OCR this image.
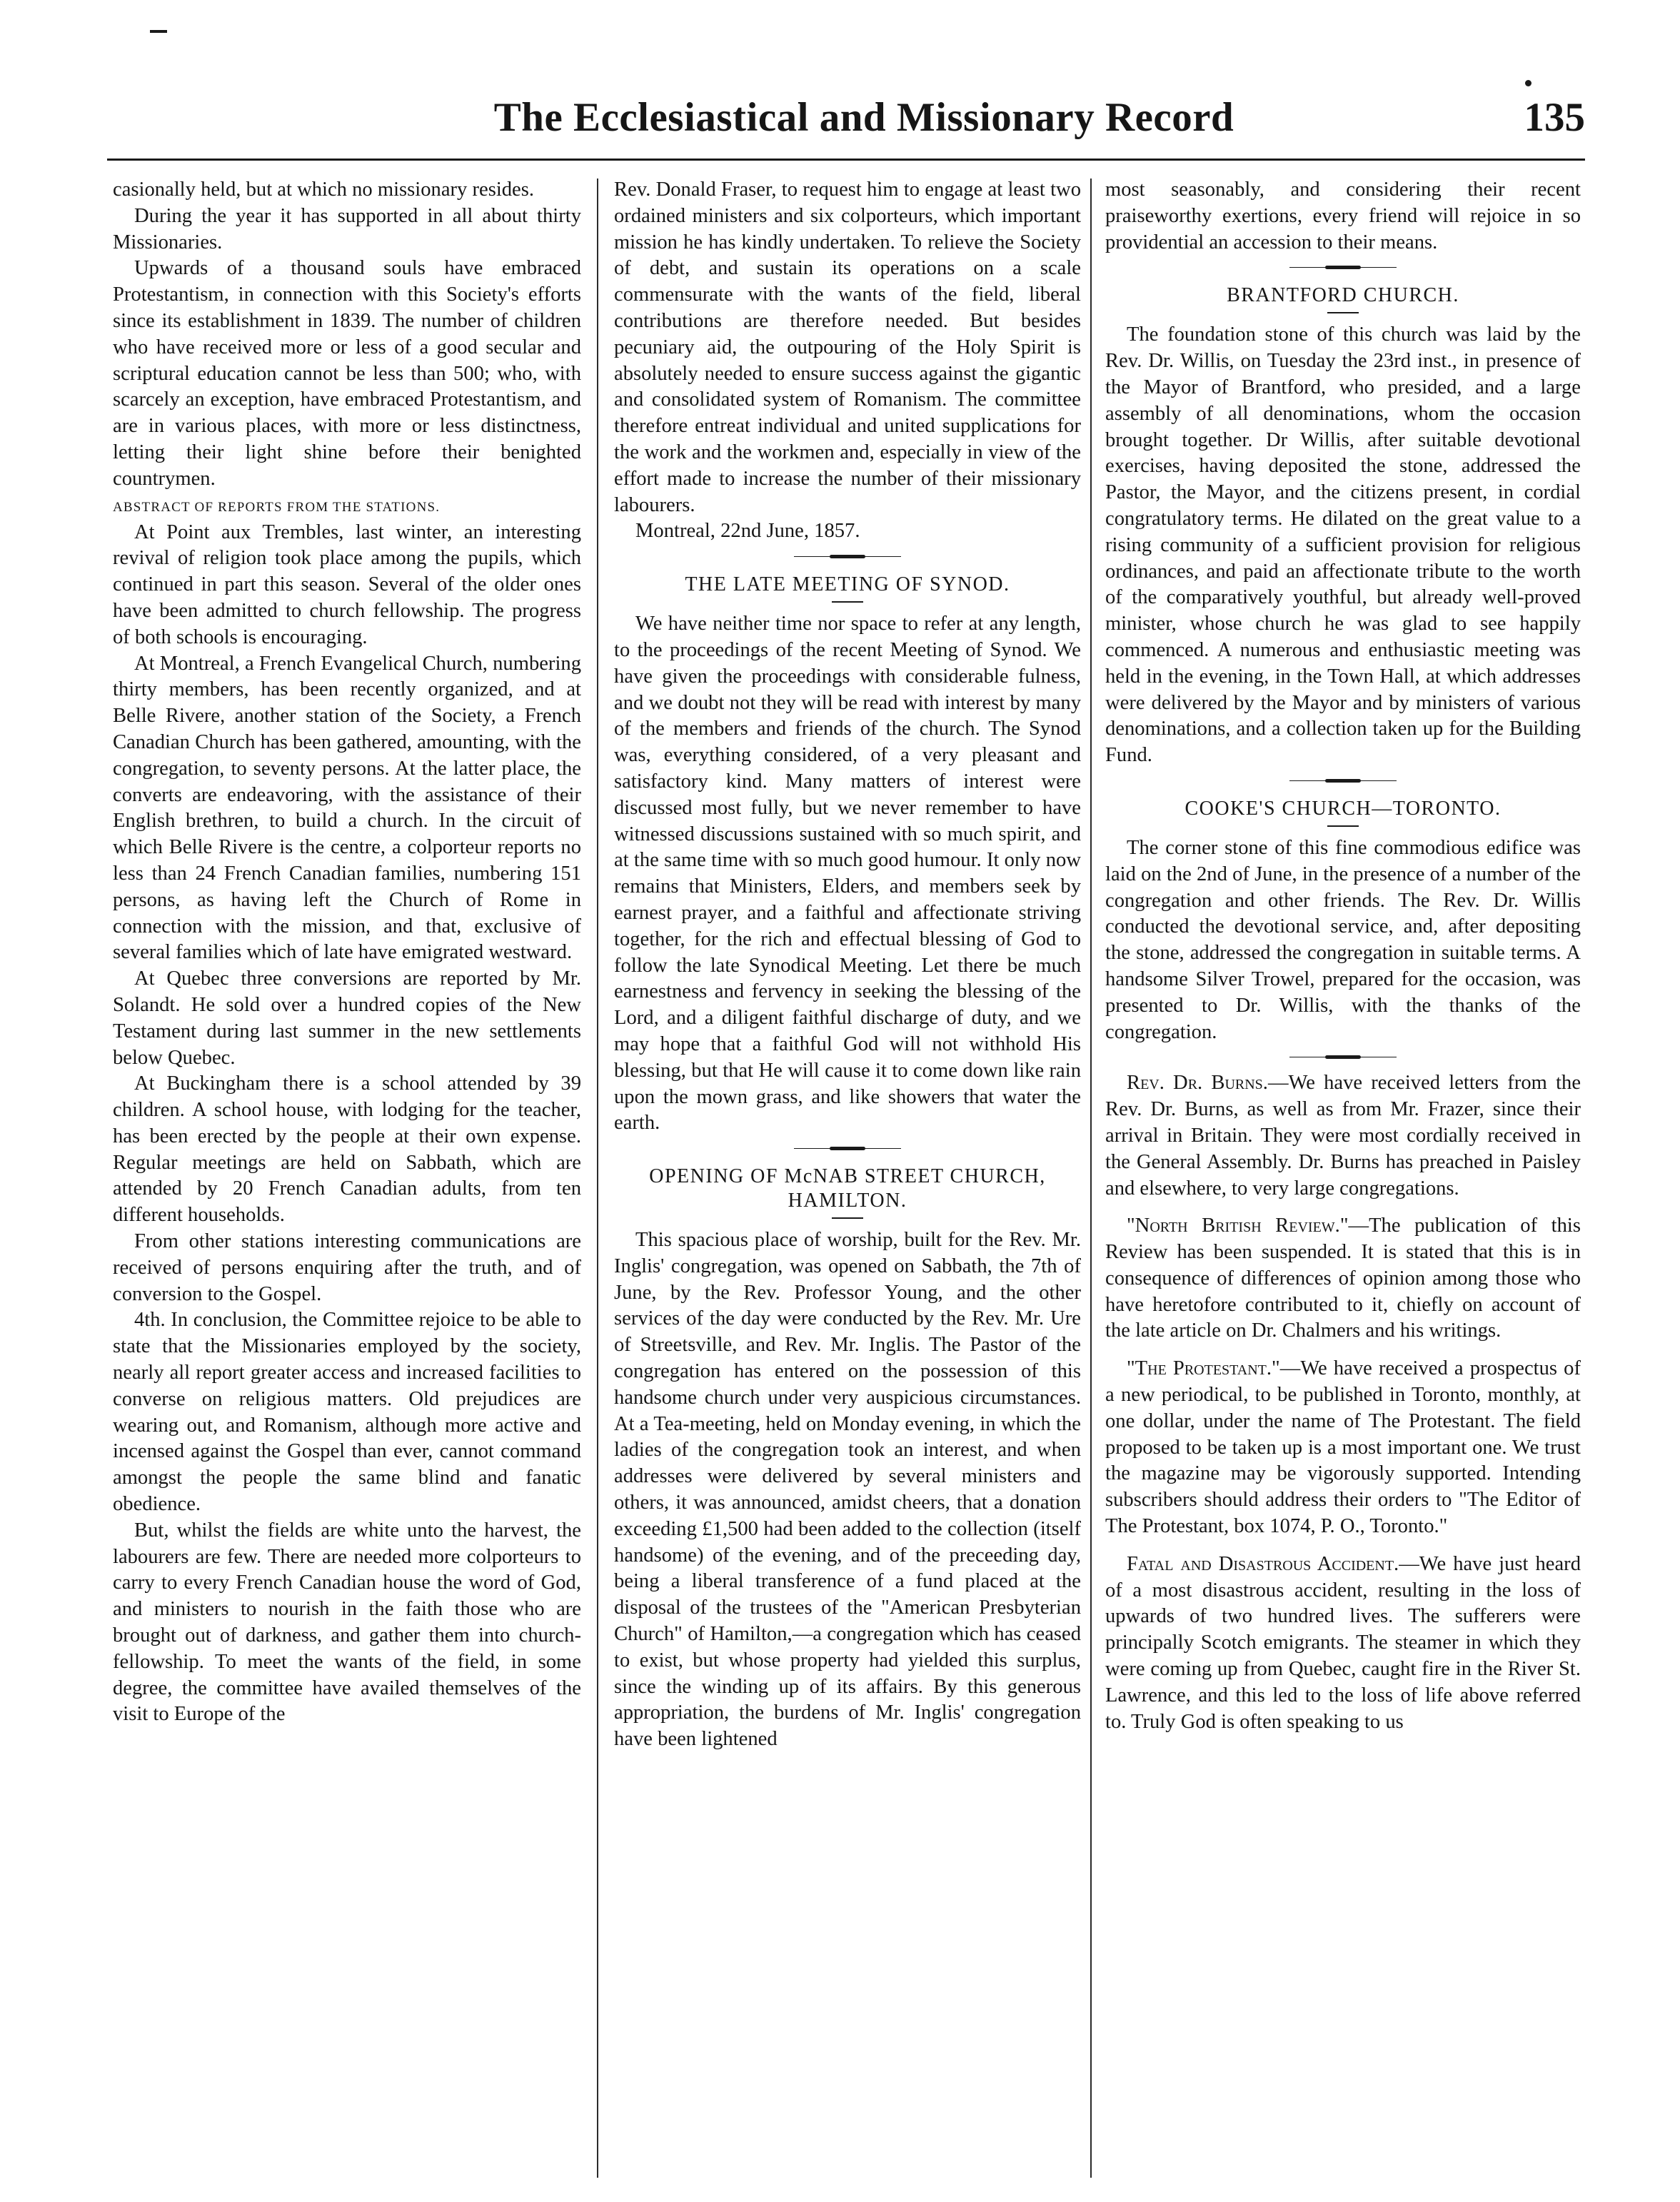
The Ecclesiastical and Missionary Record	135

casionally held, but at which no missionary resides.

During the year it has supported in all about thirty Missionaries.

Upwards of a thousand souls have embraced Protestantism, in connection with this Society's efforts since its establishment in 1839. The number of children who have received more or less of a good secular and scriptural education cannot be less than 500; who, with scarcely an exception, have embraced Protestantism, and are in various places, with more or less distinctness, letting their light shine before their benighted countrymen.

ABSTRACT OF REPORTS FROM THE STATIONS.

At Point aux Trembles, last winter, an interesting revival of religion took place among the pupils, which continued in part this season. Several of the older ones have been admitted to church fellowship. The progress of both schools is encouraging.

At Montreal, a French Evangelical Church, numbering thirty members, has been recently organized, and at Belle Rivere, another station of the Society, a French Canadian Church has been gathered, amounting, with the congregation, to seventy persons. At the latter place, the converts are endeavoring, with the assistance of their English brethren, to build a church. In the circuit of which Belle Rivere is the centre, a colporteur reports no less than 24 French Canadian families, numbering 151 persons, as having left the Church of Rome in connection with the mission, and that, exclusive of several families which of late have emigrated westward.

At Quebec three conversions are reported by Mr. Solandt. He sold over a hundred copies of the New Testament during last summer in the new settlements below Quebec.

At Buckingham there is a school attended by 39 children. A school house, with lodging for the teacher, has been erected by the people at their own expense. Regular meetings are held on Sabbath, which are attended by 20 French Canadian adults, from ten different households.

From other stations interesting communications are received of persons enquiring after the truth, and of conversion to the Gospel.

4th. In conclusion, the Committee rejoice to be able to state that the Missionaries employed by the society, nearly all report greater access and increased facilities to converse on religious matters. Old prejudices are wearing out, and Romanism, although more active and incensed against the Gospel than ever, cannot command amongst the people the same blind and fanatic obedience.

But, whilst the fields are white unto the harvest, the labourers are few. There are needed more colporteurs to carry to every French Canadian house the word of God, and ministers to nourish in the faith those who are brought out of darkness, and gather them into church-fellowship. To meet the wants of the field, in some degree, the committee have availed themselves of the visit to Europe of the

Rev. Donald Fraser, to request him to engage at least two ordained ministers and six colporteurs, which important mission he has kindly undertaken. To relieve the Society of debt, and sustain its operations on a scale commensurate with the wants of the field, liberal contributions are therefore needed. But besides pecuniary aid, the outpouring of the Holy Spirit is absolutely needed to ensure success against the gigantic and consolidated system of Romanism. The committee therefore entreat individual and united supplications for the work and the workmen and, especially in view of the effort made to increase the number of their missionary labourers.

Montreal, 22nd June, 1857.

THE LATE MEETING OF SYNOD.

We have neither time nor space to refer at any length, to the proceedings of the recent Meeting of Synod. We have given the proceedings with considerable fulness, and we doubt not they will be read with interest by many of the members and friends of the church. The Synod was, everything considered, of a very pleasant and satisfactory kind. Many matters of interest were discussed most fully, but we never remember to have witnessed discussions sustained with so much spirit, and at the same time with so much good humour. It only now remains that Ministers, Elders, and members seek by earnest prayer, and a faithful and affectionate striving together, for the rich and effectual blessing of God to follow the late Synodical Meeting. Let there be much earnestness and fervency in seeking the blessing of the Lord, and a diligent faithful discharge of duty, and we may hope that a faithful God will not withhold His blessing, but that He will cause it to come down like rain upon the mown grass, and like showers that water the earth.

OPENING OF McNAB STREET CHURCH, HAMILTON.

This spacious place of worship, built for the Rev. Mr. Inglis' congregation, was opened on Sabbath, the 7th of June, by the Rev. Professor Young, and the other services of the day were conducted by the Rev. Mr. Ure of Streetsville, and Rev. Mr. Inglis. The Pastor of the congregation has entered on the possession of this handsome church under very auspicious circumstances. At a Tea-meeting, held on Monday evening, in which the ladies of the congregation took an interest, and when addresses were delivered by several ministers and others, it was announced, amidst cheers, that a donation exceeding £1,500 had been added to the collection (itself handsome) of the evening, and of the preceeding day, being a liberal transference of a fund placed at the disposal of the trustees of the "American Presbyterian Church" of Hamilton,—a congregation which has ceased to exist, but whose property had yielded this surplus, since the winding up of its affairs. By this generous appropriation, the burdens of Mr. Inglis' congregation have been lightened

most seasonably, and considering their recent praiseworthy exertions, every friend will rejoice in so providential an accession to their means.

BRANTFORD CHURCH.

The foundation stone of this church was laid by the Rev. Dr. Willis, on Tuesday the 23rd inst., in presence of the Mayor of Brantford, who presided, and a large assembly of all denominations, whom the occasion brought together. Dr Willis, after suitable devotional exercises, having deposited the stone, addressed the Pastor, the Mayor, and the citizens present, in cordial congratulatory terms. He dilated on the great value to a rising community of a sufficient provision for religious ordinances, and paid an affectionate tribute to the worth of the comparatively youthful, but already well-proved minister, whose church he was glad to see happily commenced. A numerous and enthusiastic meeting was held in the evening, in the Town Hall, at which addresses were delivered by the Mayor and by ministers of various denominations, and a collection taken up for the Building Fund.

COOKE'S CHURCH—TORONTO.

The corner stone of this fine commodious edifice was laid on the 2nd of June, in the presence of a number of the congregation and other friends. The Rev. Dr. Willis conducted the devotional service, and, after depositing the stone, addressed the congregation in suitable terms. A handsome Silver Trowel, prepared for the occasion, was presented to Dr. Willis, with the thanks of the congregation.

Rev. Dr. Burns.—We have received letters from the Rev. Dr. Burns, as well as from Mr. Frazer, since their arrival in Britain. They were most cordially received in the General Assembly. Dr. Burns has preached in Paisley and elsewhere, to very large congregations.

"North British Review."—The publication of this Review has been suspended. It is stated that this is in consequence of differences of opinion among those who have heretofore contributed to it, chiefly on account of the late article on Dr. Chalmers and his writings.

"The Protestant."—We have received a prospectus of a new periodical, to be published in Toronto, monthly, at one dollar, under the name of The Protestant. The field proposed to be taken up is a most important one. We trust the magazine may be vigorously supported. Intending subscribers should address their orders to "The Editor of The Protestant, box 1074, P. O., Toronto."

Fatal and Disastrous Accident.—We have just heard of a most disastrous accident, resulting in the loss of upwards of two hundred lives. The sufferers were principally Scotch emigrants. The steamer in which they were coming up from Quebec, caught fire in the River St. Lawrence, and this led to the loss of life above referred to. Truly God is often speaking to us
